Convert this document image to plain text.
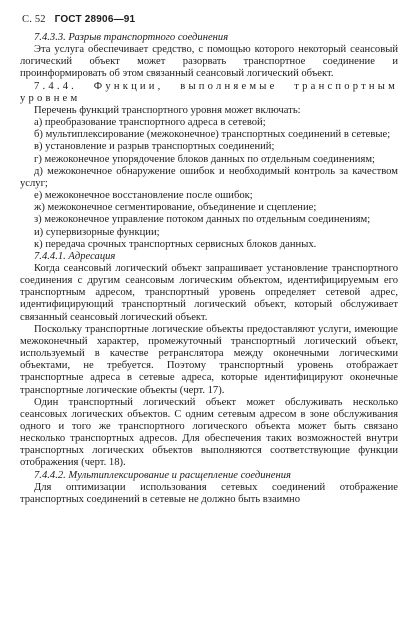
С. 52 ГОСТ 28906—91

7.4.3.3. Разрыв транспортного соединения

Эта услуга обеспечивает средство, с помощью которого некоторый сеансовый логический объект может разорвать транспортное соединение и проинформировать об этом связанный сеансовый логический объект.

7.4.4. Функции, выполняемые транспортным

уровнем

Перечень функций транспортного уровня может включать:

а) преобразование транспортного адреса в сетевой;

б) мультиплексирование (межоконечное) транспортных соединений в сетевые;

в) установление и разрыв транспортных соединений;

г) межоконечное упорядочение блоков данных по отдельным соединениям;

д) межоконечное обнаружение ошибок и необходимый контроль за качеством услуг;

е) межоконечное восстановление после ошибок;

ж) межоконечное сегментирование, объединение и сцепление;

з) межоконечное управление потоком данных по отдельным соединениям;

и) супервизорные функции;

к) передача срочных транспортных сервисных блоков данных.

7.4.4.1. Адресация

Когда сеансовый логический объект запрашивает установление транспортного соединения с другим сеансовым логическим объектом, идентифицируемым его транспортным адресом, транспортный уровень определяет сетевой адрес, идентифицирующий транспортный логический объект, который обслуживает связанный сеансовый логический объект.

Поскольку транспортные логические объекты предоставляют услуги, имеющие межоконечный характер, промежуточный транспортный логический объект, используемый в качестве ретранслятора между оконечными логическими объектами, не требуется. Поэтому транспортный уровень отображает транспортные адреса в сетевые адреса, которые идентифицируют оконечные транспортные логические объекты (черт. 17).

Один транспортный логический объект может обслуживать несколько сеансовых логических объектов. С одним сетевым адресом в зоне обслуживания одного и того же транспортного логического объекта может быть связано несколько транспортных адресов. Для обеспечения таких возможностей внутри транспортных логических объектов выполняются соответствующие функции отображения (черт. 18).

7.4.4.2. Мультиплексирование и расщепление соединения

Для оптимизации использования сетевых соединений отображение транспортных соединений в сетевые не должно быть взаимно
